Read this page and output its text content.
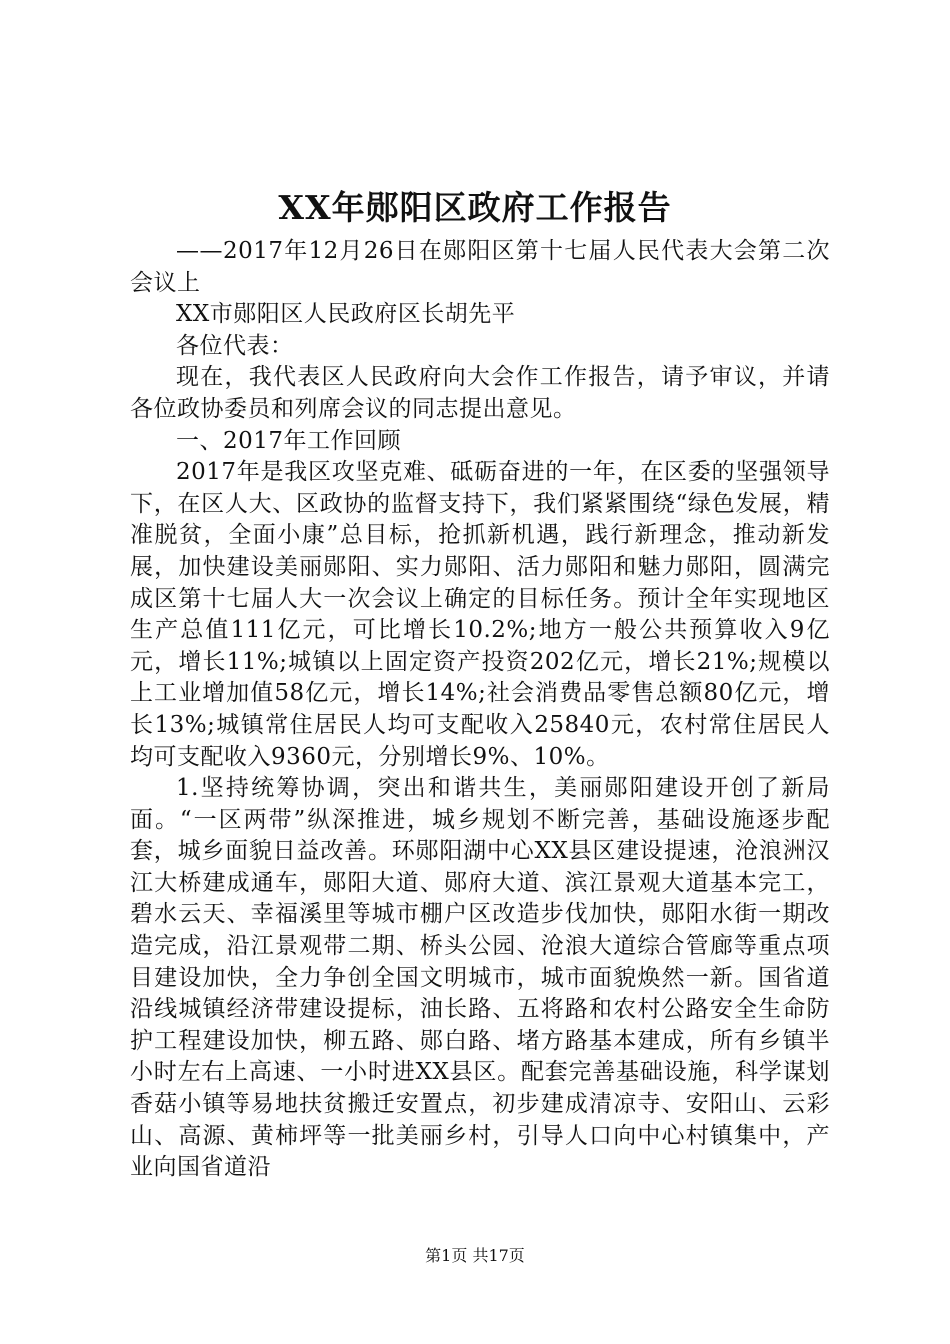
XX年郧阳区政府工作报告

——2017年12月26日在郧阳区第十七届人民代表大会第二次会议上

XX市郧阳区人民政府区长胡先平

各位代表：

现在，我代表区人民政府向大会作工作报告，请予审议，并请各位政协委员和列席会议的同志提出意见。

一、2017年工作回顾

2017年是我区攻坚克难、砥砺奋进的一年，在区委的坚强领导下，在区人大、区政协的监督支持下，我们紧紧围绕“绿色发展，精准脱贫，全面小康”总目标，抢抓新机遇，践行新理念，推动新发展，加快建设美丽郧阳、实力郧阳、活力郧阳和魅力郧阳，圆满完成区第十七届人大一次会议上确定的目标任务。预计全年实现地区生产总值111亿元，可比增长10.2%;地方一般公共预算收入9亿元，增长11%;城镇以上固定资产投资202亿元，增长21%;规模以上工业增加值58亿元，增长14%;社会消费品零售总额80亿元，增长13%;城镇常住居民人均可支配收入25840元，农村常住居民人均可支配收入9360元，分别增长9%、10%。

1.坚持统筹协调，突出和谐共生，美丽郧阳建设开创了新局面。“一区两带”纵深推进，城乡规划不断完善，基础设施逐步配套，城乡面貌日益改善。环郧阳湖中心XX县区建设提速，沧浪洲汉江大桥建成通车，郧阳大道、郧府大道、滨江景观大道基本完工，碧水云天、幸福溪里等城市棚户区改造步伐加快，郧阳水街一期改造完成，沿江景观带二期、桥头公园、沧浪大道综合管廊等重点项目建设加快，全力争创全国文明城市，城市面貌焕然一新。国省道沿线城镇经济带建设提标，油长路、五将路和农村公路安全生命防护工程建设加快，柳五路、郧白路、堵方路基本建成，所有乡镇半小时左右上高速、一小时进XX县区。配套完善基础设施，科学谋划香菇小镇等易地扶贫搬迁安置点，初步建成清凉寺、安阳山、云彩山、高源、黄柿坪等一批美丽乡村，引导人口向中心村镇集中，产业向国省道沿

第1页 共17页
